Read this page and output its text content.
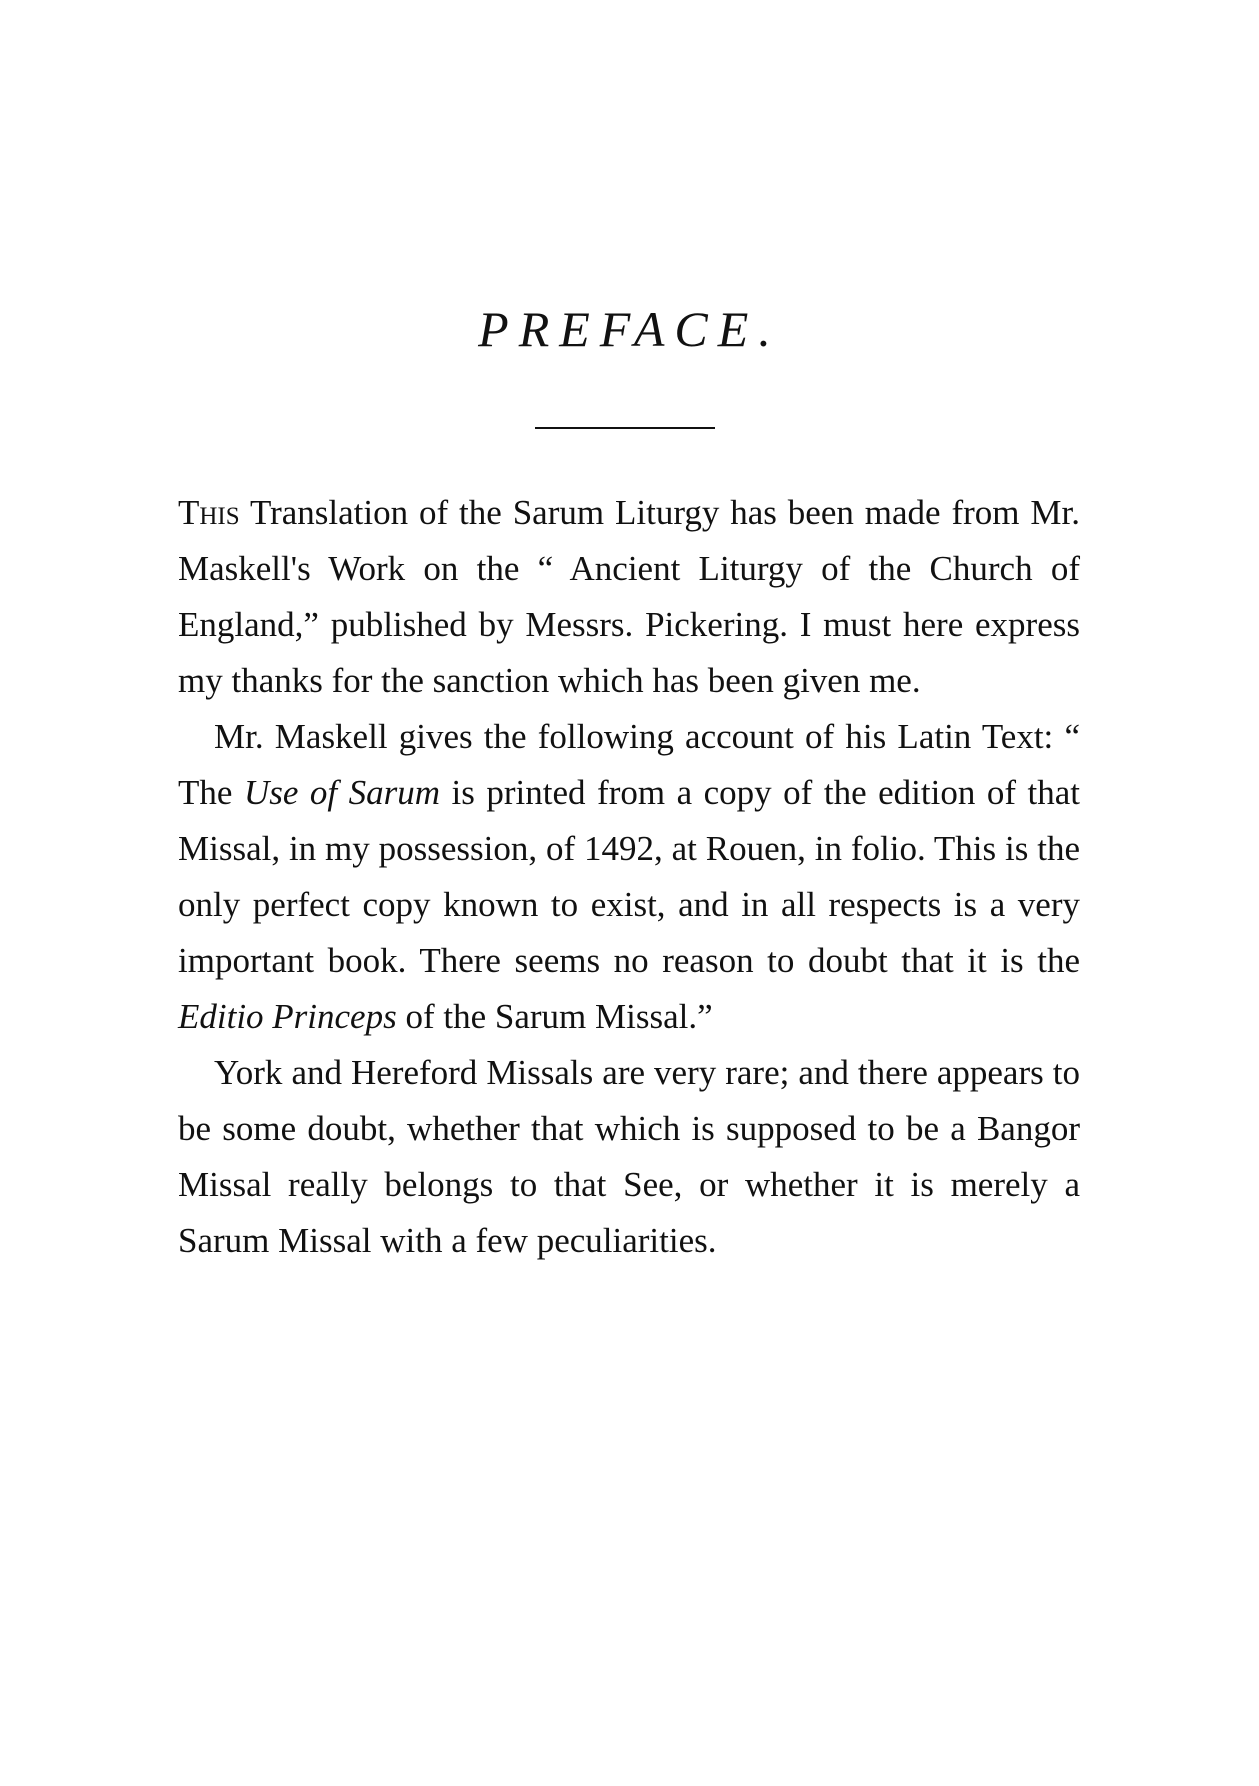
PREFACE.

This Translation of the Sarum Liturgy has been made from Mr. Maskell's Work on the “ Ancient Liturgy of the Church of England,” published by Messrs. Pickering. I must here express my thanks for the sanction which has been given me.

Mr. Maskell gives the following account of his Latin Text: “ The Use of Sarum is printed from a copy of the edition of that Missal, in my possession, of 1492, at Rouen, in folio. This is the only perfect copy known to exist, and in all respects is a very important book. There seems no reason to doubt that it is the Editio Princeps of the Sarum Missal.”

York and Hereford Missals are very rare; and there appears to be some doubt, whether that which is supposed to be a Bangor Missal really belongs to that See, or whether it is merely a Sarum Missal with a few peculiarities.
